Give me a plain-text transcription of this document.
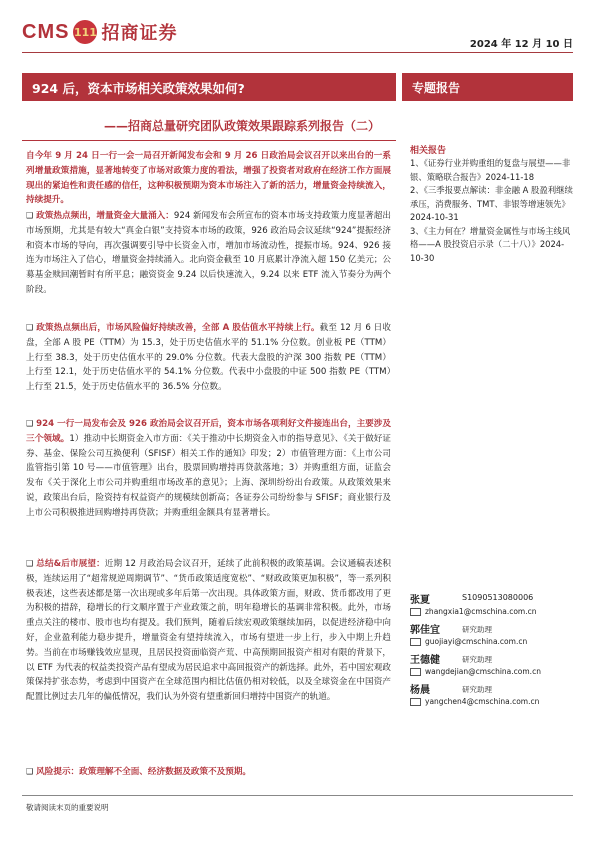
CMS 111 招商证券
2024 年 12 月 10 日
924 后，资本市场相关政策效果如何?	专题报告
——招商总量研究团队政策效果跟踪系列报告（二）
自今年 9 月 24 日一行一会一局召开新闻发布会和 9 月 26 日政治局会议召开以来出台的一系列增量政策措施，显著地转变了市场对政策力度的看法，增强了投资者对政府在经济工作方面展现出的紧迫性和责任感的信任，这种积极预期为资本市场注入了新的活力，增量资金持续流入，持续提升。
❑ 政策热点频出，增量资金大量涌入：924 新闻发布会所宣布的资本市场支持政策力度显著超出市场预期，尤其是有较大“真金白银”支持资本市场的政策，926 政治局会议延续“924”提振经济和资本市场的导向，再次强调要引导中长资金入市，增加市场流动性，提振市场。924、926 接连为市场注入了信心，增量资金持续涌入。北向资金截至 10 月底累计净流入超 150 亿美元；公募基金赎回潮暂时有所平息；融资资金 9.24 以后快速流入，9.24 以来 ETF 流入节奏分为两个阶段。
❑ 政策热点频出后，市场风险偏好持续改善，全部 A 股估值水平持续上行。截至 12 月 6 日收盘，全部 A 股 PE（TTM）为 15.3，处于历史估值水平的 51.1% 分位数。创业板 PE（TTM）上行至 38.3，处于历史估值水平的 29.0% 分位数。代表大盘股的沪深 300 指数 PE（TTM）上行至 12.1，处于历史估值水平的 54.1% 分位数。代表中小盘股的中证 500 指数 PE（TTM）上行至 21.5，处于历史估值水平的 36.5% 分位数。
❑ 924 一行一局发布会及 926 政治局会议召开后，资本市场各项利好文件接连出台，主要涉及三个领域。1）推动中长期资金入市方面：《关于推动中长期资金入市的指导意见》、《关于做好证券、基金、保险公司互换便利（SFISF）相关工作的通知》印发；2）市值管理方面：《上市公司监管指引第 10 号——市值管理》出台，股票回购增持再贷款落地；3）并购重组方面，证监会发布《关于深化上市公司并购重组市场改革的意见》；上海、深圳纷纷出台政策。从政策效果来说，政策出台后，险资持有权益资产的规模续创新高；各证券公司纷纷参与 SFISF；商业银行及上市公司积极推进回购增持再贷款；并购重组金额具有显著增长。
❑ 总结&后市展望：近期 12 月政治局会议召开，延续了此前积极的政策基调。会议通稿表述积极，连续运用了“超常规逆周期调节”、“货币政策适度宽松”、“财政政策更加积极”，等一系列积极表述，这些表述都是第一次出现或多年后第一次出现。具体政策方面，财政、货币都改用了更为积极的措辞，稳增长的行文顺序置于产业政策之前，明年稳增长的基调非常积极。此外，市场重点关注的楼市、股市也均有提及。我们预判，随着后续宏观政策继续加码，以促进经济稳中向好，企业盈利能力稳步提升，增量资金有望持续流入，市场有望进一步上行，步入中期上升趋势。当前在市场赚钱效应显现，且居民投资面临资产荒、中高预期回报资产相对有限的背景下，以 ETF 为代表的权益类投资产品有望成为居民追求中高回报资产的新选择。此外，若中国宏观政策保持扩张态势，考虑到中国资产在全球范围内相比估值仍相对较低，以及全球资金在中国资产配置比例过去几年的偏低情况，我们认为外资有望重新回归增持中国资产的轨道。
❑ 风险提示：政策理解不全面、经济数据及政策不及预期。
相关报告
1、《证券行业并购重组的复盘与展望——非银、策略联合报告》2024-11-18
2、《三季报要点解读：非金融 A 股盈利继续承压，消费服务、TMT、非银等增速领先》2024-10-31
3、《主力何在？增量资金属性与市场主线风格——A 股投资启示录（二十八）》2024-10-30
张夏	S1090513080006
zhangxia1@cmschina.com.cn
郭佳宜	研究助理
guojiayi@cmschina.com.cn
王德健	研究助理
wangdejian@cmschina.com.cn
杨晨	研究助理
yangchen4@cmschina.com.cn
敬请阅读末页的重要说明
